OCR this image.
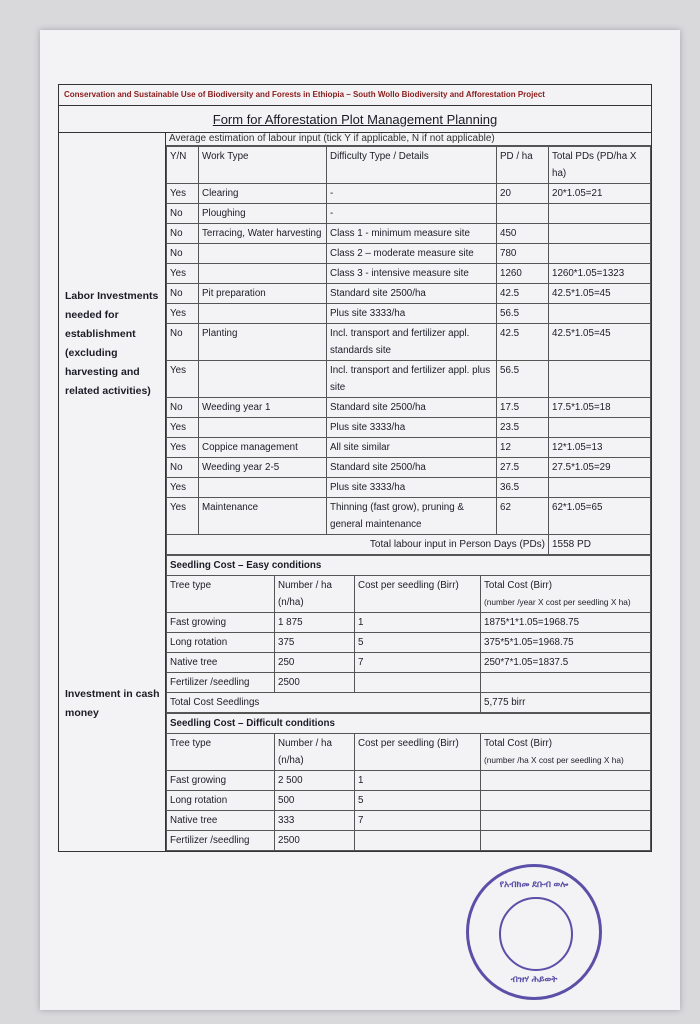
Conservation and Sustainable Use of Biodiversity and Forests in Ethiopia – South Wollo Biodiversity and Afforestation Project
Form for Afforestation Plot Management Planning
Labor Investments needed for establishment (excluding harvesting and related activities)
Average estimation of labour input (tick Y if applicable, N if not applicable)
Y/N	Work Type	Difficulty Type / Details	PD / ha	Total PDs (PD/ha X ha)
Yes	Clearing	-	20	20*1.05=21
No	Ploughing	-		
No	Terracing, Water harvesting	Class 1 - minimum measure site	450	
No		Class 2 – moderate measure site	780	
Yes		Class 3 - intensive measure site	1260	1260*1.05=1323
No	Pit preparation	Standard site 2500/ha	42.5	42.5*1.05=45
Yes		Plus site 3333/ha	56.5	
No	Planting	Incl. transport and fertilizer appl. standards site	42.5	42.5*1.05=45
Yes		Incl. transport and fertilizer appl. plus site	56.5	
No	Weeding year 1	Standard site 2500/ha	17.5	17.5*1.05=18
Yes		Plus site 3333/ha	23.5	
Yes	Coppice management	All site similar	12	12*1.05=13
No	Weeding year 2-5	Standard site 2500/ha	27.5	27.5*1.05=29
Yes		Plus site 3333/ha	36.5	
Yes	Maintenance	Thinning (fast grow), pruning & general maintenance	62	62*1.05=65
Total labour input in Person Days (PDs)				1558 PD
Investment in cash money
Seedling Cost – Easy conditions			
Tree type	Number / ha (n/ha)	Cost per seedling (Birr)	Total Cost (Birr)
(number /year X cost per seedling X ha)

Fast growing	1 875	1	1875*1*1.05=1968.75
Long rotation	375	5	375*5*1.05=1968.75
Native tree	250	7	250*7*1.05=1837.5
Fertilizer /seedling	2500		
Total Cost Seedlings			5,775 birr
Seedling Cost – Difficult conditions			
Tree type	Number / ha (n/ha)	Cost per seedling (Birr)	Total Cost (Birr)
(number /ha X cost per seedling X ha)

Fast growing	2 500	1	
Long rotation	500	5	
Native tree	333	7	
Fertilizer /seedling	2500		
የአብክመ ደቡብ ወሎ
ብዝሃ ሕይወት
